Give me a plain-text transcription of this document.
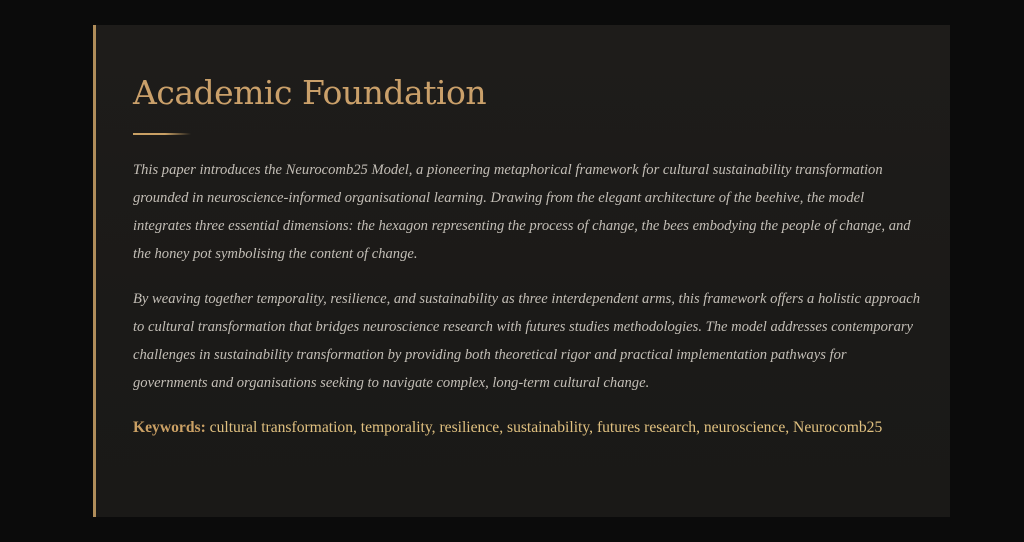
Academic Foundation

This paper introduces the Neurocomb25 Model, a pioneering metaphorical framework for cultural sustainability transformation grounded in neuroscience-informed organisational learning. Drawing from the elegant architecture of the beehive, the model integrates three essential dimensions: the hexagon representing the process of change, the bees embodying the people of change, and the honey pot symbolising the content of change.

By weaving together temporality, resilience, and sustainability as three interdependent arms, this framework offers a holistic approach to cultural transformation that bridges neuroscience research with futures studies methodologies. The model addresses contemporary challenges in sustainability transformation by providing both theoretical rigor and practical implementation pathways for governments and organisations seeking to navigate complex, long-term cultural change.

Keywords: cultural transformation, temporality, resilience, sustainability, futures research, neuroscience, Neurocomb25
